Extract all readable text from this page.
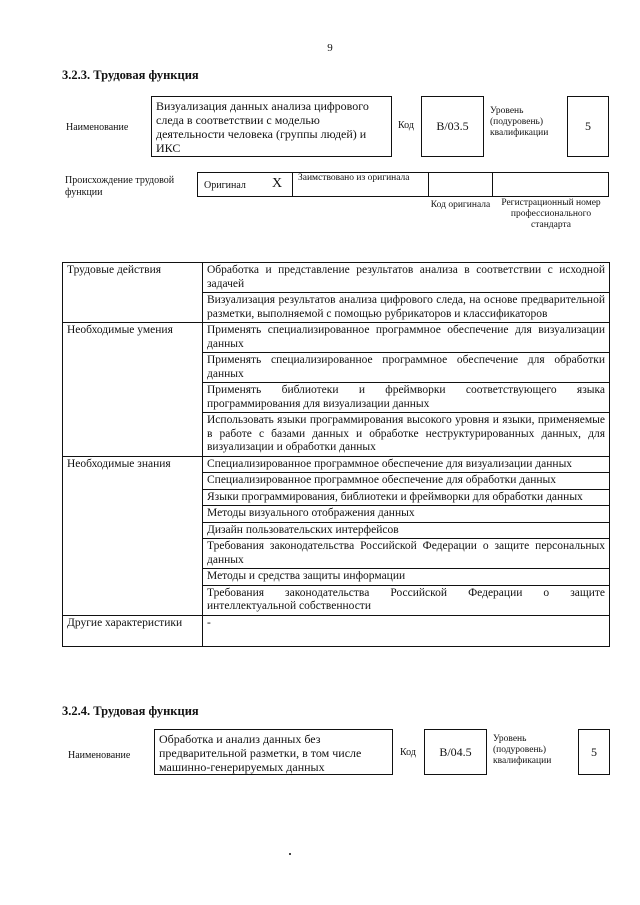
9
3.2.3. Трудовая функция
Наименование
Визуализация данных анализа цифрового следа в соответствии с моделью деятельности человека (группы людей) и ИКС
Код	В/03.5
Уровень (подуровень) квалификации	5
Происхождение трудовой функции
Оригинал X Заимствовано из оригинала
Код оригинала	Регистрационный номер профессионального стандарта
Трудовые действия	Обработка и представление результатов анализа в соответствии с исходной задачей
	Визуализация результатов анализа цифрового следа, на основе предварительной разметки, выполняемой с помощью рубрикаторов и классификаторов
Необходимые умения	Применять специализированное программное обеспечение для визуализации данных
	Применять специализированное программное обеспечение для обработки данных
	Применять библиотеки и фреймворки соответствующего языка программирования для визуализации данных
	Использовать языки программирования высокого уровня и языки, применяемые в работе с базами данных и обработке неструктурированных данных, для визуализации и обработки данных
Необходимые знания	Специализированное программное обеспечение для визуализации данных
	Специализированное программное обеспечение для обработки данных
	Языки программирования, библиотеки и фреймворки для обработки данных
	Методы визуального отображения данных
	Дизайн пользовательских интерфейсов
	Требования законодательства Российской Федерации о защите персональных данных
	Методы и средства защиты информации
	Требования законодательства Российской Федерации о защите интеллектуальной собственности
Другие характеристики	-
3.2.4. Трудовая функция
Наименование
Обработка и анализ данных без предварительной разметки, в том числе машинно-генерируемых данных
Код	В/04.5
Уровень (подуровень) квалификации
5
